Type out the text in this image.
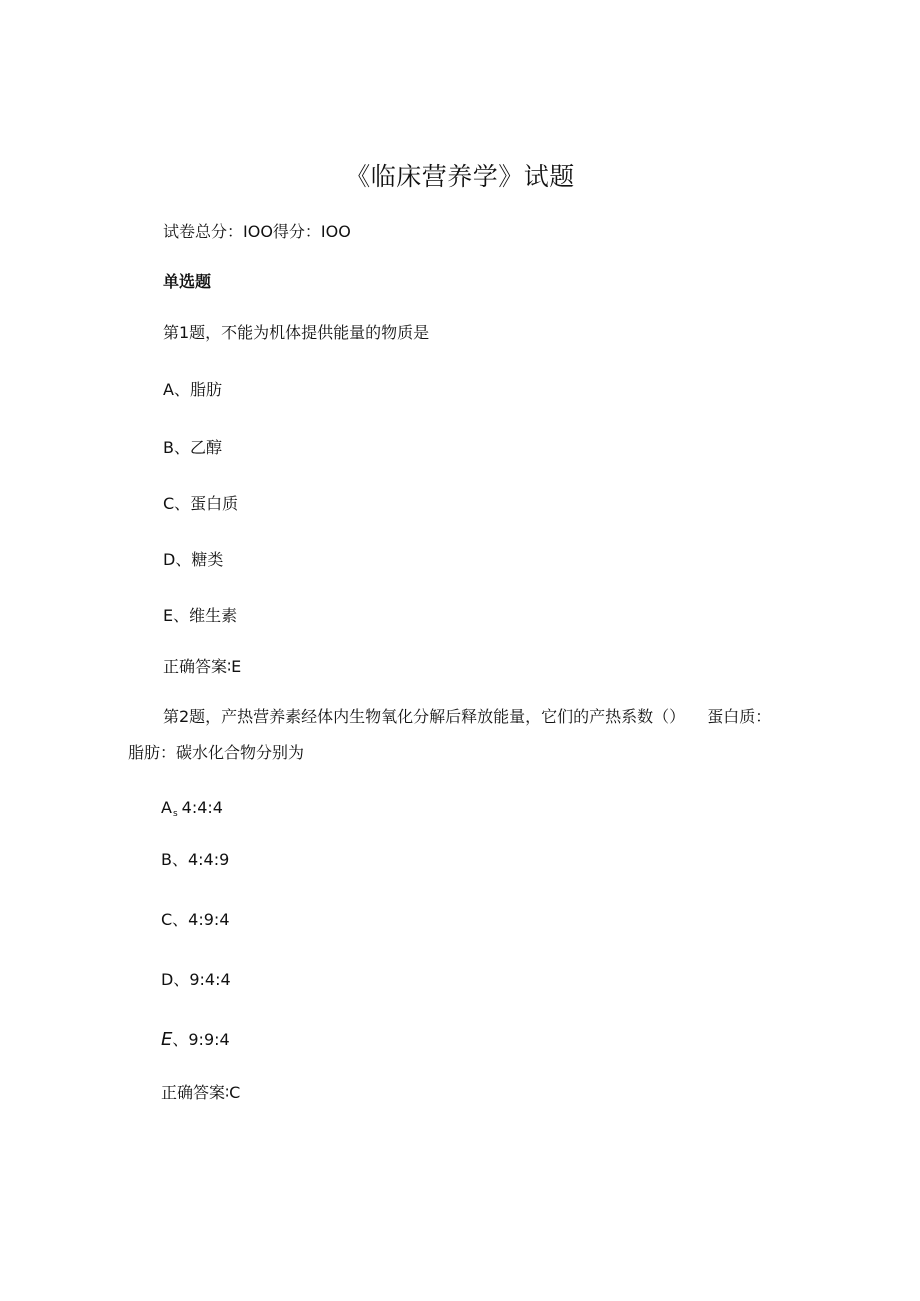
《临床营养学》试题
试卷总分：IOO得分：IOO
单选题
第1题，不能为机体提供能量的物质是
A、脂肪
B、乙醇
C、蛋白质
D、糖类
E、维生素
正确答案∶E
第2题，产热营养素经体内生物氧化分解后释放能量，它们的产热系数（） 蛋白质：
脂肪：碳水化合物分别为
$A_s$ 4:4:4
B、4:4:9
C、4:9:4
D、9:4:4
E、9:9:4
正确答案∶C
